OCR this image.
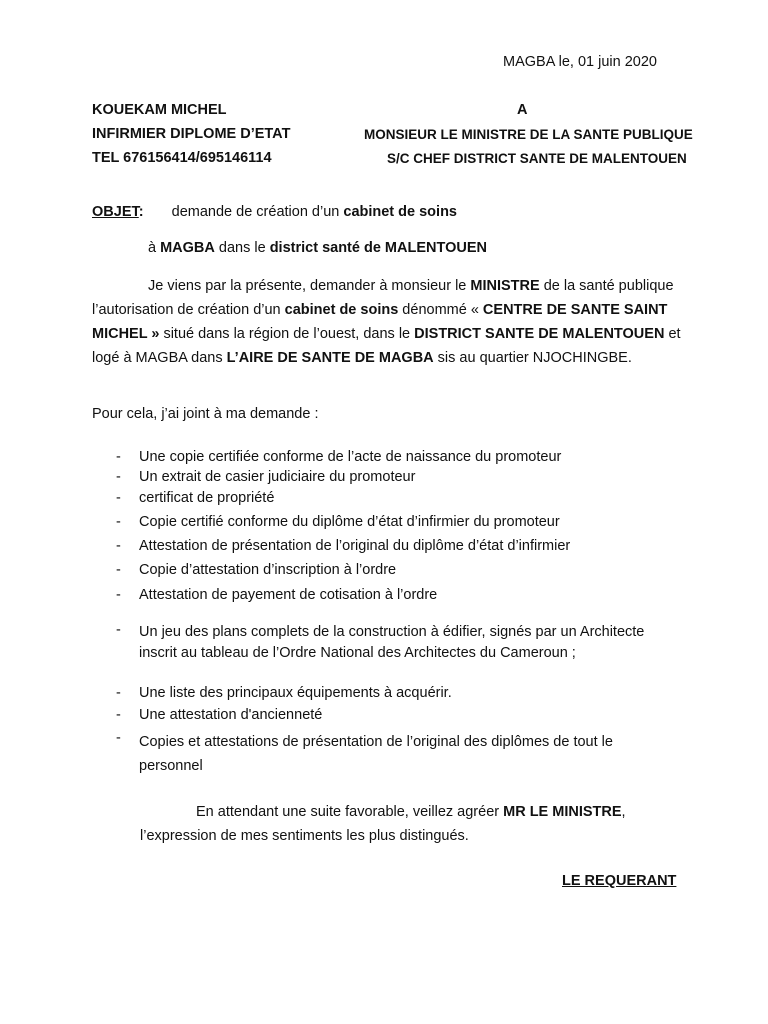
MAGBA le, 01 juin 2020
KOUEKAM MICHEL
INFIRMIER DIPLOME D’ETAT
TEL 676156414/695146114
A
MONSIEUR LE MINISTRE DE LA SANTE PUBLIQUE
S/C CHEF DISTRICT SANTE DE MALENTOUEN
OBJET: demande de création d’un cabinet de soins
à MAGBA dans le district santé de MALENTOUEN
Je viens par la présente, demander à monsieur le MINISTRE de la santé publique l’autorisation de création d’un cabinet de soins dénommé « CENTRE DE SANTE SAINT MICHEL » situé dans la région de l’ouest, dans le DISTRICT SANTE DE MALENTOUEN et logé à MAGBA dans L’AIRE DE SANTE DE MAGBA sis au quartier NJOCHINGBE.
Pour cela, j’ai joint à ma demande :
- Une copie certifiée conforme de l’acte de naissance du promoteur
- Un extrait de casier judiciaire du promoteur
- certificat de propriété
- Copie certifié conforme du diplôme d’état d’infirmier du promoteur
- Attestation de présentation de l’original du diplôme d’état d’infirmier
- Copie d’attestation d’inscription à l’ordre
- Attestation de payement de cotisation à l’ordre
- Un jeu des plans complets de la construction à édifier, signés par un Architecte inscrit au tableau de l’Ordre National des Architectes du Cameroun ;
- Une liste des principaux équipements à acquérir.
- Une attestation d'ancienneté
- Copies et attestations de présentation de l’original des diplômes de tout le personnel
En attendant une suite favorable, veillez agréer MR LE MINISTRE, l’expression de mes sentiments les plus distingués.
LE REQUERANT
